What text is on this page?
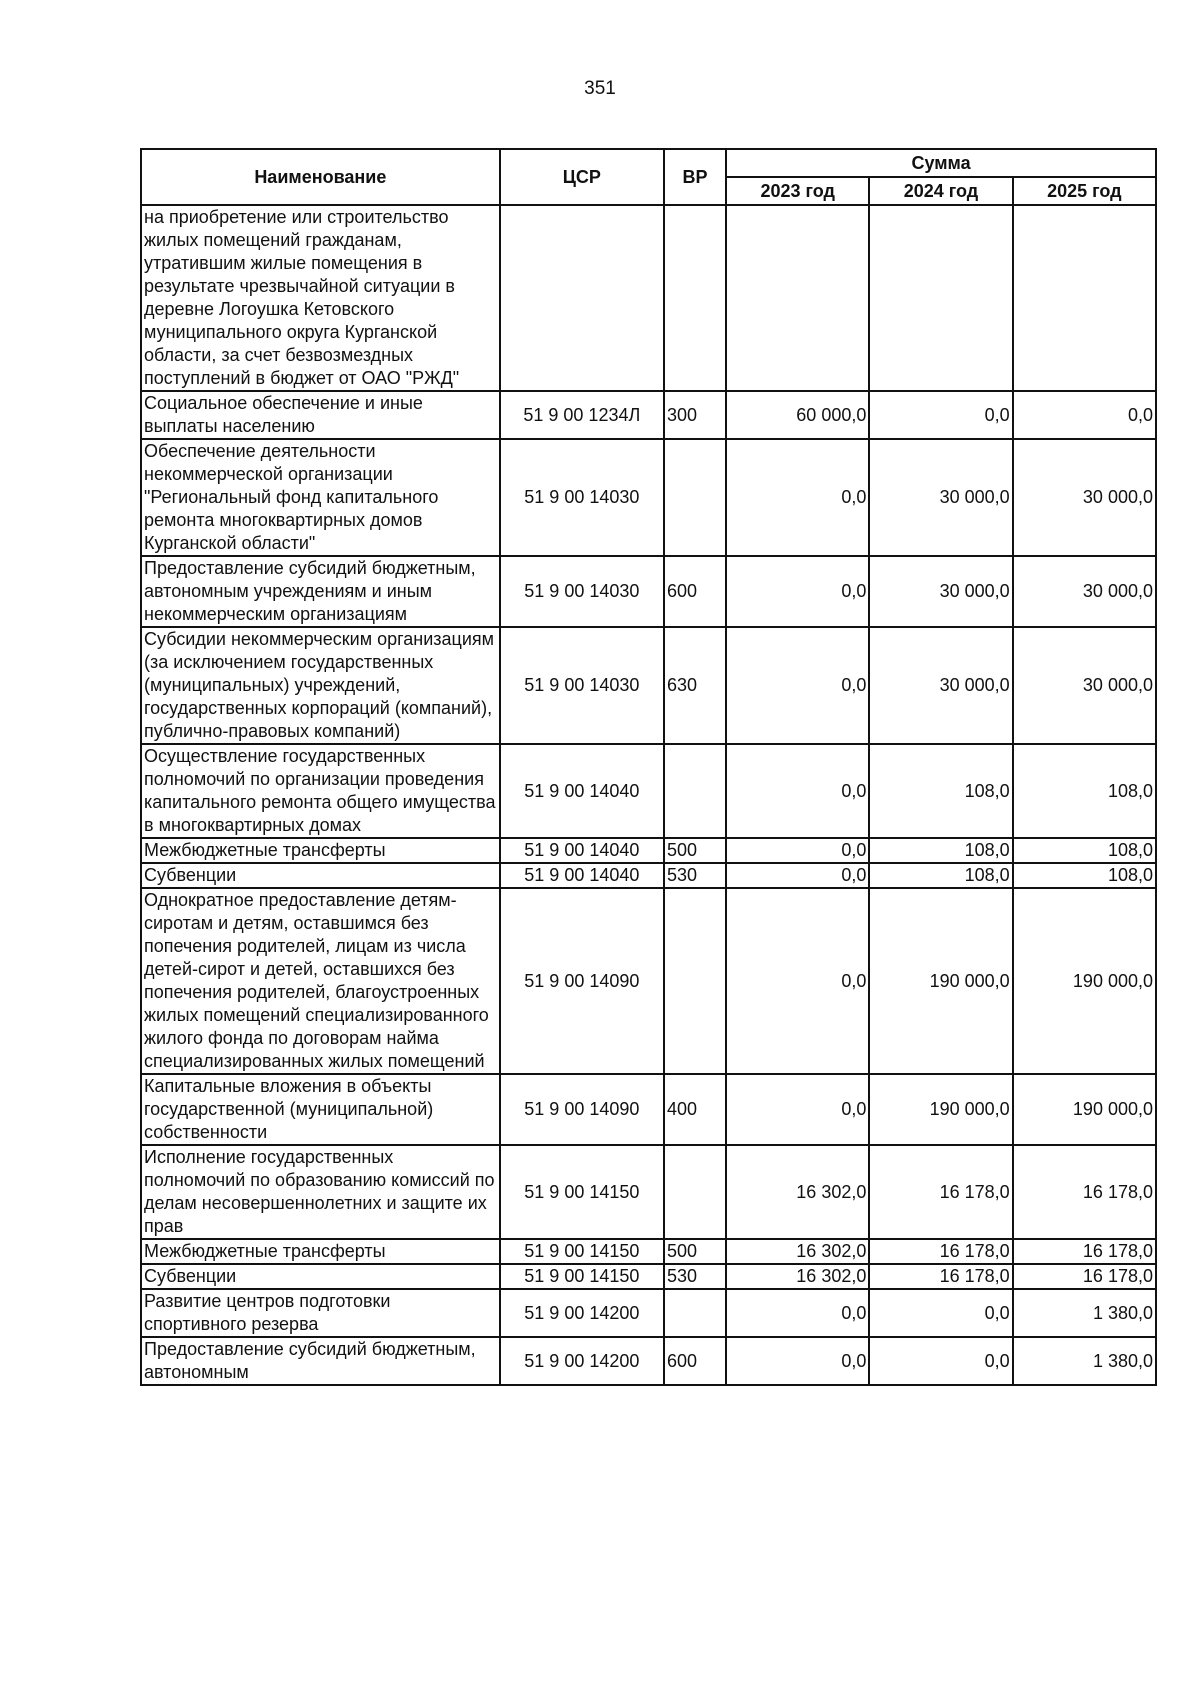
351
Наименование	ЦСР	ВР	Сумма		
			2023 год	2024 год	2025 год
на приобретение или строительство жилых помещений гражданам, утратившим жилые помещения в результате чрезвычайной ситуации в деревне Логоушка Кетовского муниципального округа Курганской области, за счет безвозмездных поступлений в бюджет от ОАО "РЖД"					
Социальное обеспечение и иные выплаты населению	51 9 00 1234Л	300	60 000,0	0,0	0,0
Обеспечение деятельности некоммерческой организации "Региональный фонд капитального ремонта многоквартирных домов Курганской области"	51 9 00 14030		0,0	30 000,0	30 000,0
Предоставление субсидий бюджетным, автономным учреждениям и иным некоммерческим организациям	51 9 00 14030	600	0,0	30 000,0	30 000,0
Субсидии некоммерческим организациям (за исключением государственных (муниципальных) учреждений, государственных корпораций (компаний), публично-правовых компаний)	51 9 00 14030	630	0,0	30 000,0	30 000,0
Осуществление государственных полномочий по организации проведения капитального ремонта общего имущества в многоквартирных домах	51 9 00 14040		0,0	108,0	108,0
Межбюджетные трансферты	51 9 00 14040	500	0,0	108,0	108,0
Субвенции	51 9 00 14040	530	0,0	108,0	108,0
Однократное предоставление детям-сиротам и детям, оставшимся без попечения родителей, лицам из числа детей-сирот и детей, оставшихся без попечения родителей, благоустроенных жилых помещений специализированного жилого фонда по договорам найма специализированных жилых помещений	51 9 00 14090		0,0	190 000,0	190 000,0
Капитальные вложения в объекты государственной (муниципальной) собственности	51 9 00 14090	400	0,0	190 000,0	190 000,0
Исполнение государственных полномочий по образованию комиссий по делам несовершеннолетних и защите их прав	51 9 00 14150		16 302,0	16 178,0	16 178,0
Межбюджетные трансферты	51 9 00 14150	500	16 302,0	16 178,0	16 178,0
Субвенции	51 9 00 14150	530	16 302,0	16 178,0	16 178,0
Развитие центров подготовки спортивного резерва	51 9 00 14200		0,0	0,0	1 380,0
Предоставление субсидий бюджетным, автономным	51 9 00 14200	600	0,0	0,0	1 380,0
